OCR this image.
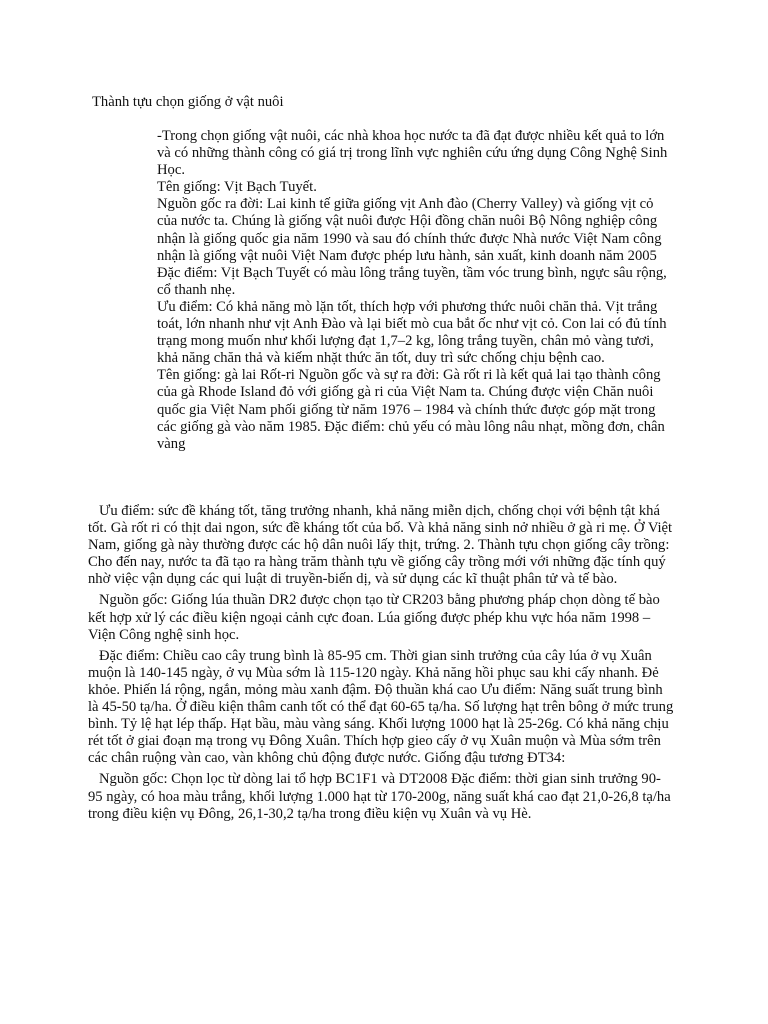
Thành tựu chọn giống ở vật nuôi

-Trong chọn giống vật nuôi, các nhà khoa học nước ta đã đạt được nhiều kết quả to lớn và có những thành công có giá trị trong lĩnh vực nghiên cứu ứng dụng Công Nghệ Sinh Học.

Tên giống: Vịt Bạch Tuyết.

Nguồn gốc ra đời: Lai kinh tế giữa giống vịt Anh đào (Cherry Valley) và giống vịt cỏ của nước ta. Chúng là giống vật nuôi được Hội đồng chăn nuôi Bộ Nông nghiệp công nhận là giống quốc gia năm 1990 và sau đó chính thức được Nhà nước Việt Nam công nhận là giống vật nuôi Việt Nam được phép lưu hành, sản xuất, kinh doanh năm 2005

Đặc điểm: Vịt Bạch Tuyết có màu lông trắng tuyền, tầm vóc trung bình, ngực sâu rộng, cổ thanh nhẹ.

Ưu điểm: Có khả năng mò lặn tốt, thích hợp với phương thức nuôi chăn thả. Vịt trắng toát, lớn nhanh như vịt Anh Đào và lại biết mò cua bắt ốc như vịt cỏ. Con lai có đủ tính trạng mong muốn như khối lượng đạt 1,7–2 kg, lông trắng tuyền, chân mỏ vàng tươi, khả năng chăn thả và kiếm nhặt thức ăn tốt, duy trì sức chống chịu bệnh cao.

Tên giống: gà lai Rốt-ri Nguồn gốc và sự ra đời: Gà rốt ri là kết quả lai tạo thành công của gà Rhode Island đỏ với giống gà ri của Việt Nam ta. Chúng được viện Chăn nuôi quốc gia Việt Nam phối giống từ năm 1976 – 1984 và chính thức được góp mặt trong các giống gà vào năm 1985. Đặc điểm: chủ yếu có màu lông nâu nhạt, mồng đơn, chân vàng

Ưu điểm: sức đề kháng tốt, tăng trưởng nhanh, khả năng miễn dịch, chống chọi với bệnh tật khá tốt. Gà rốt ri có thịt dai ngon, sức đề kháng tốt của bố. Và khả năng sinh nở nhiều ở gà ri mẹ. Ở Việt Nam, giống gà này thường được các hộ dân nuôi lấy thịt, trứng. 2. Thành tựu chọn giống cây trồng: Cho đến nay, nước ta đã tạo ra hàng trăm thành tựu về giống cây trồng mới với những đặc tính quý nhờ việc vận dụng các qui luật di truyền-biến dị, và sử dụng các kĩ thuật phân tử và tế bào.

Nguồn gốc: Giống lúa thuần DR2 được chọn tạo từ CR203 bằng phương pháp chọn dòng tế bào kết hợp xử lý các điều kiện ngoại cảnh cực đoan. Lúa giống được phép khu vực hóa năm 1998 – Viện Công nghệ sinh học.

Đặc điểm: Chiều cao cây trung bình là 85-95 cm. Thời gian sinh trưởng của cây lúa ở vụ Xuân muộn là 140-145 ngày, ở vụ Mùa sớm là 115-120 ngày. Khả năng hồi phục sau khi cấy nhanh. Đẻ khỏe. Phiến lá rộng, ngắn, mỏng màu xanh đậm. Độ thuần khá cao Ưu điểm: Năng suất trung bình là 45-50 tạ/ha. Ở điều kiện thâm canh tốt có thể đạt 60-65 tạ/ha. Số lượng hạt trên bông ở mức trung bình. Tỷ lệ hạt lép thấp. Hạt bầu, màu vàng sáng. Khối lượng 1000 hạt là 25-26g. Có khả năng chịu rét tốt ở giai đoạn mạ trong vụ Đông Xuân. Thích hợp gieo cấy ở vụ Xuân muộn và Mùa sớm trên các chân ruộng vàn cao, vàn không chủ động được nước. Giống đậu tương ĐT34:

Nguồn gốc: Chọn lọc từ dòng lai tổ hợp BC1F1 và DT2008 Đặc điểm: thời gian sinh trưởng 90-95 ngày, có hoa màu trắng, khối lượng 1.000 hạt từ 170-200g, năng suất khá cao đạt 21,0-26,8 tạ/ha trong điều kiện vụ Đông, 26,1-30,2 tạ/ha trong điều kiện vụ Xuân và vụ Hè.
